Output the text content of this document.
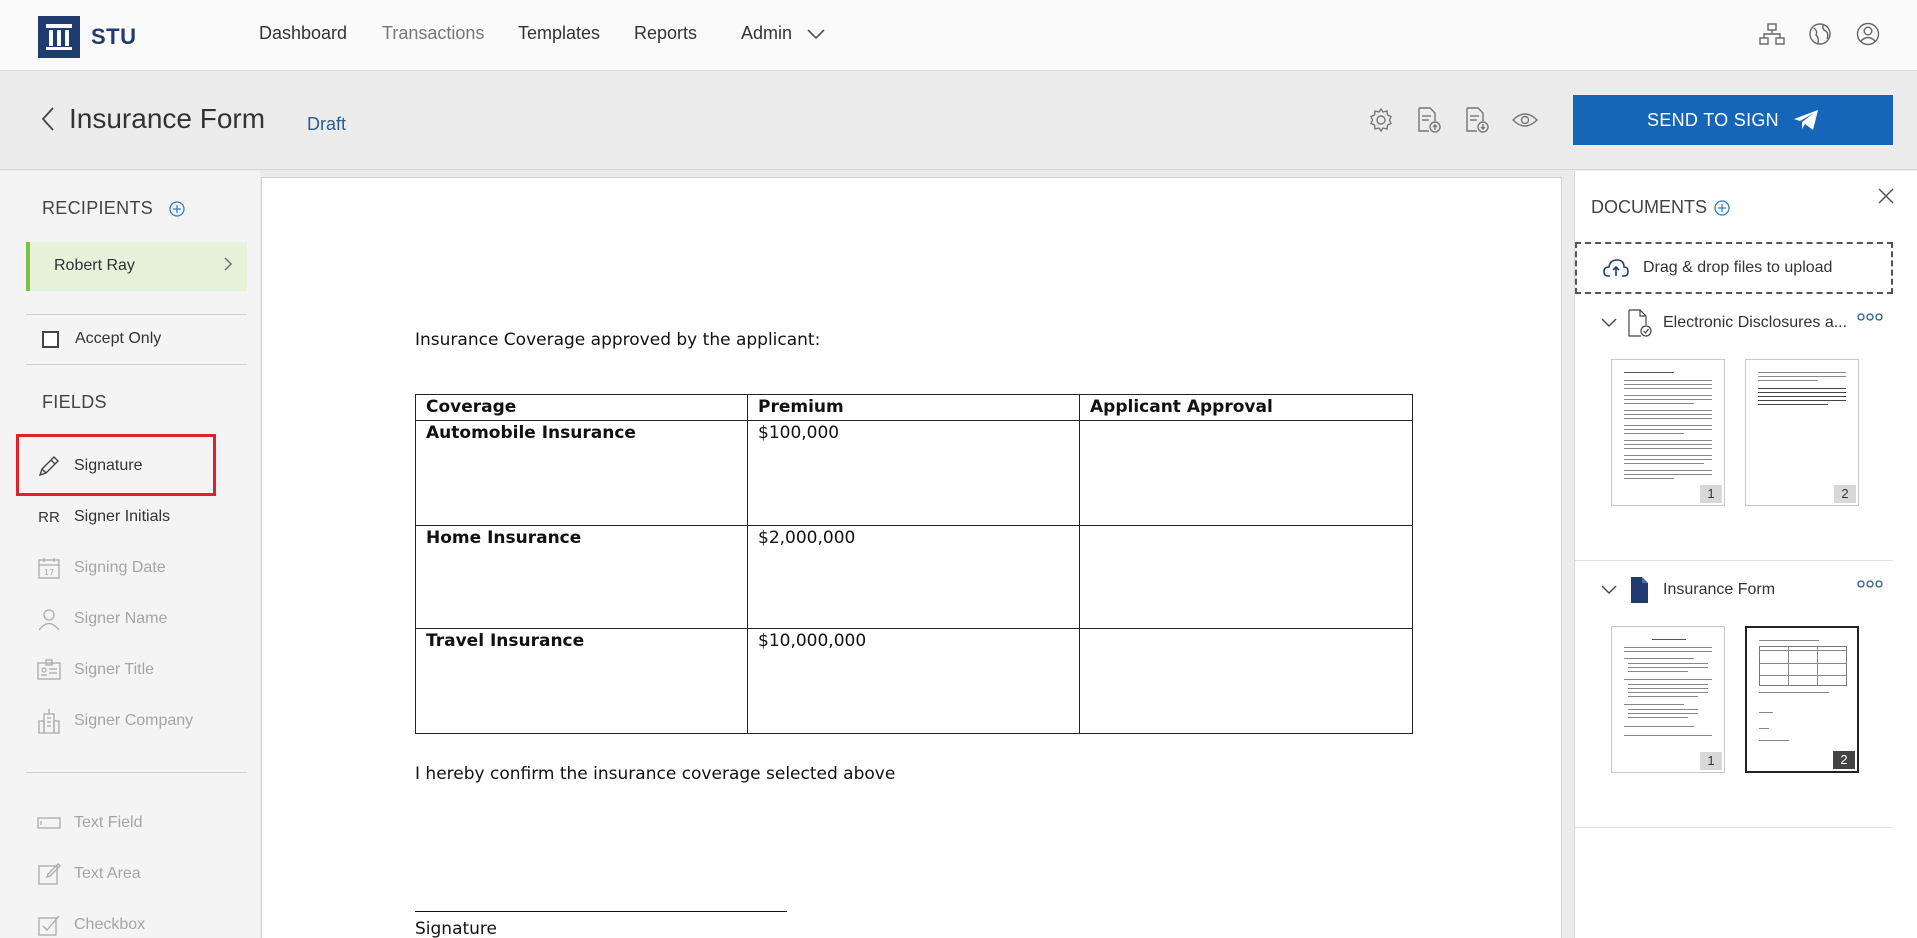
STU	Dashboard Transactions Templates Reports Admin
Insurance Form Draft	SEND TO SIGN
RECIPIENTS
Robert Ray
Accept Only
FIELDS
Signature
RR Signer Initials
17 Signing Date
Signer Name
Signer Title
Signer Company
Text Field
Text Area
Checkbox
Insurance Coverage approved by the applicant:
Coverage	Premium	Applicant Approval
Automobile Insurance	$100,000	
Home Insurance	$2,000,000	
Travel Insurance	$10,000,000	
I hereby confirm the insurance coverage selected above
Signature
DOCUMENTS
Drag & drop files to upload
Electronic Disclosures a...
1	2
Insurance Form
1	2
